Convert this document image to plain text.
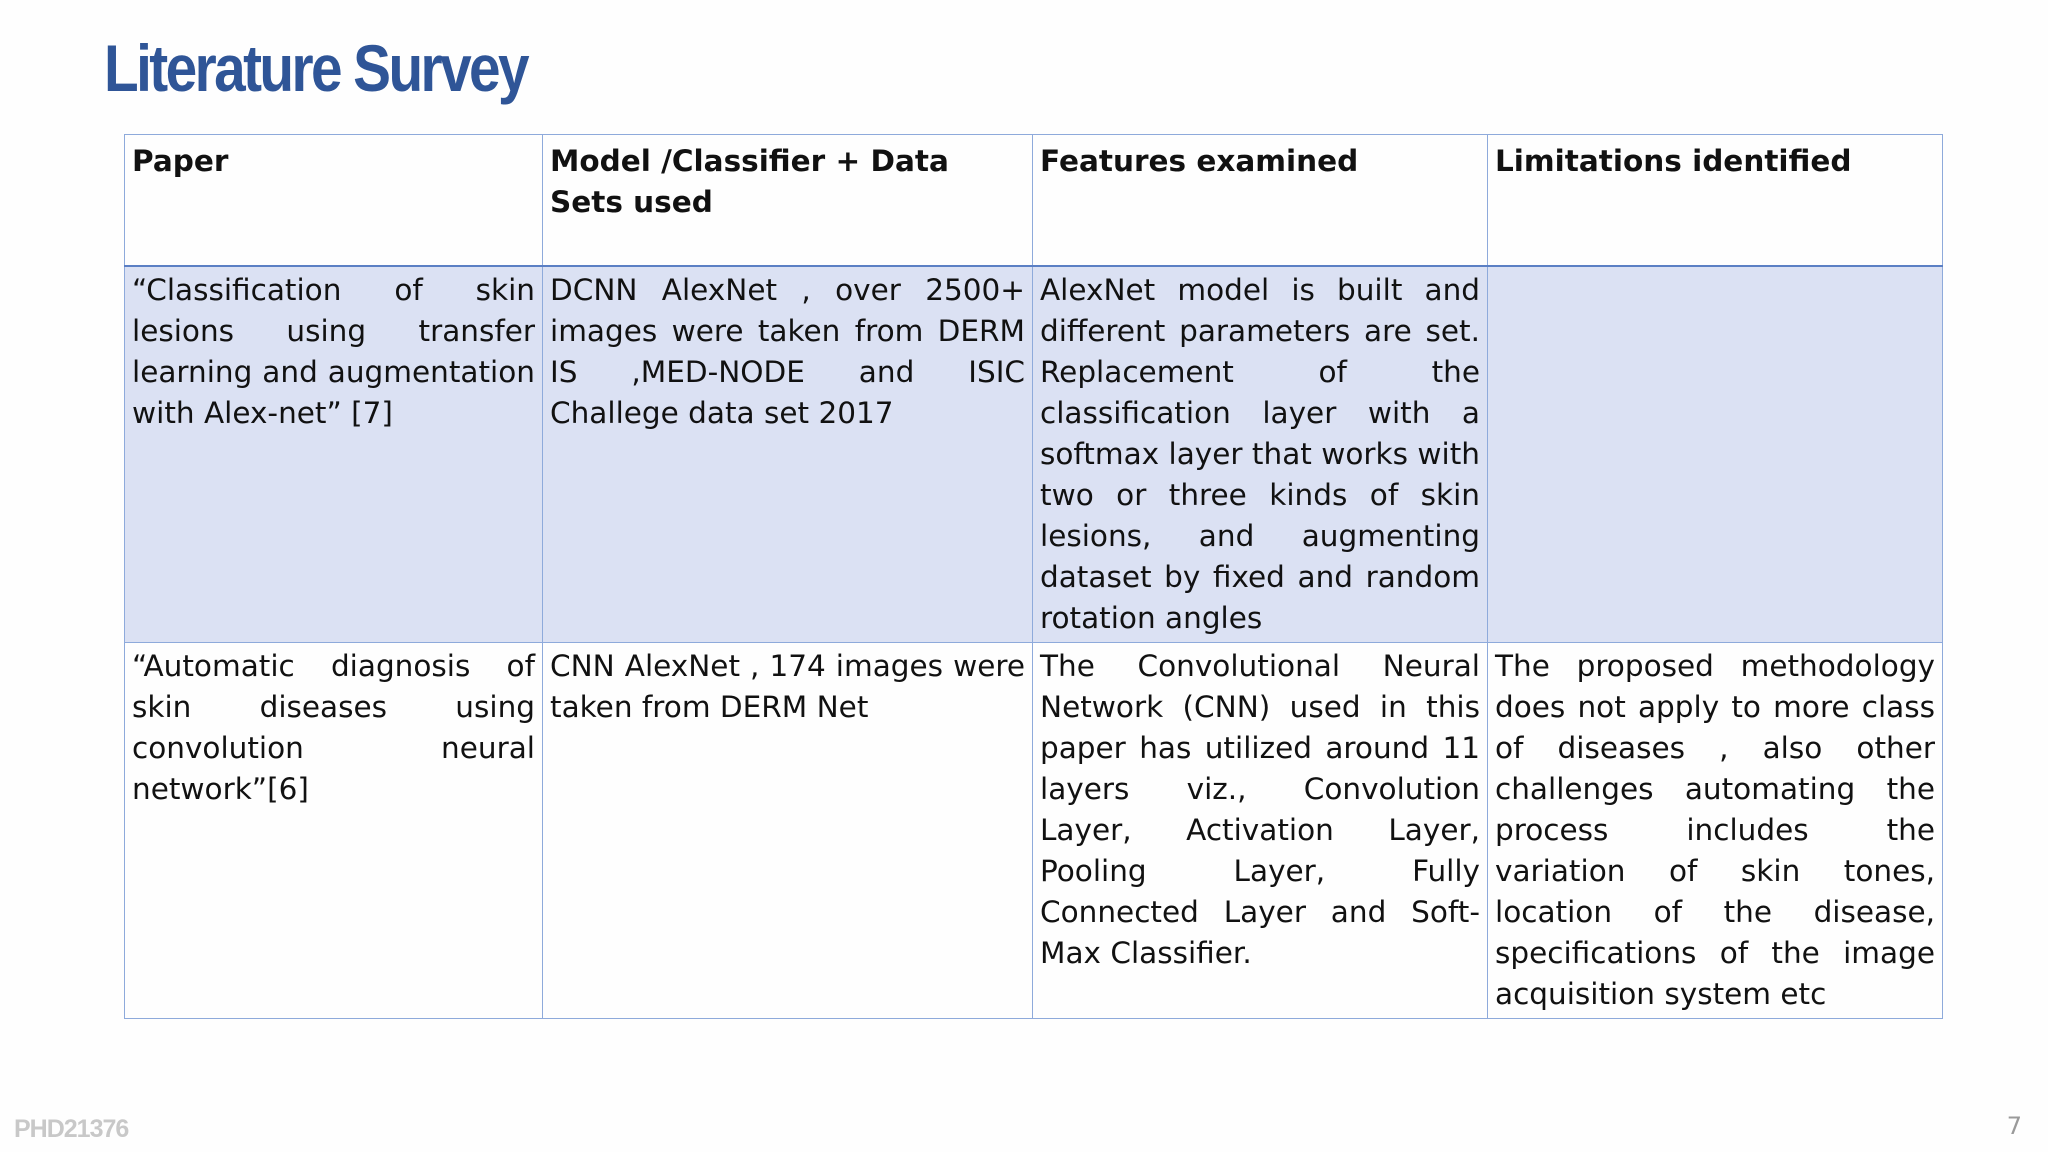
Literature Survey
Paper	Model /Classifier + Data Sets used	Features examined	Limitations identified
“Classification of skin lesions using transfer learning and augmentation with Alex-net” [7]	DCNN AlexNet , over 2500+ images were taken from DERM IS ,MED-NODE and ISIC Challege data set 2017	AlexNet model is built and different parameters are set. Replacement of the classification layer with a softmax layer that works with two or three kinds of skin lesions, and augmenting dataset by fixed and random rotation angles	
“Automatic diagnosis of skin diseases using convolution neural network”[6]	CNN AlexNet , 174 images were taken from DERM Net	The Convolutional Neural Network (CNN) used in this paper has utilized around 11 layers viz., Convolution Layer, Activation Layer, Pooling Layer, Fully Connected Layer and Soft-Max Classifier.	The proposed methodology does not apply to more class of diseases , also other challenges automating the process includes the variation of skin tones, location of the disease, specifications of the image acquisition system etc
PHD21376	7
